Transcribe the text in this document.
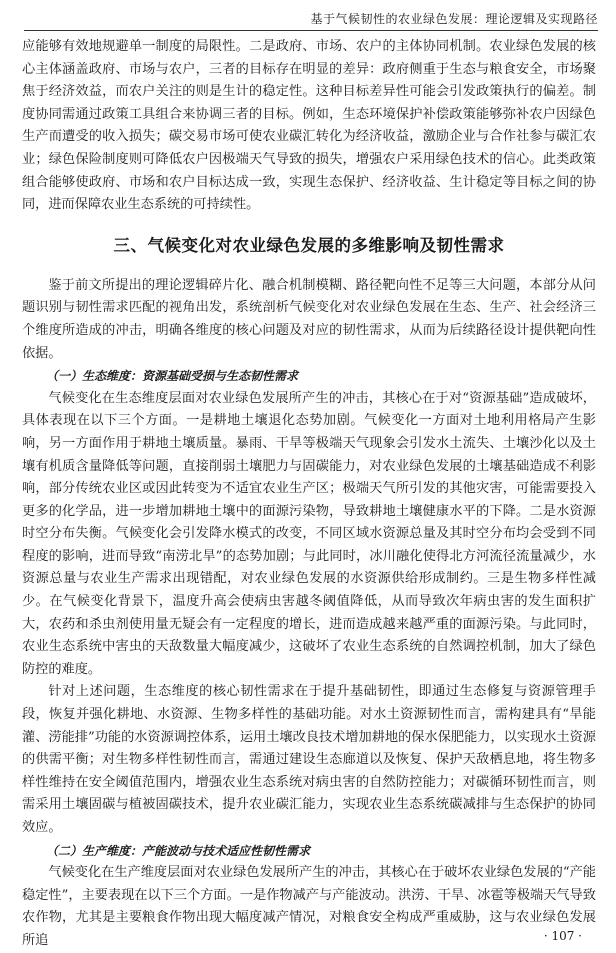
基于气候韧性的农业绿色发展：理论逻辑及实现路径

应能够有效地规避单一制度的局限性。二是政府、市场、农户的主体协同机制。农业绿色发展的核心主体涵盖政府、市场与农户，三者的目标存在明显的差异：政府侧重于生态与粮食安全，市场聚焦于经济效益，而农户关注的则是生计的稳定性。这种目标差异性可能会引发政策执行的偏差。制度协同需通过政策工具组合来协调三者的目标。例如，生态环境保护补偿政策能够弥补农户因绿色生产而遭受的收入损失；碳交易市场可使农业碳汇转化为经济收益，激励企业与合作社参与碳汇农业；绿色保险制度则可降低农户因极端天气导致的损失，增强农户采用绿色技术的信心。此类政策组合能够使政府、市场和农户目标达成一致，实现生态保护、经济收益、生计稳定等目标之间的协同，进而保障农业生态系统的可持续性。

三、气候变化对农业绿色发展的多维影响及韧性需求

鉴于前文所提出的理论逻辑碎片化、融合机制模糊、路径靶向性不足等三大问题，本部分从问题识别与韧性需求匹配的视角出发，系统剖析气候变化对农业绿色发展在生态、生产、社会经济三个维度所造成的冲击，明确各维度的核心问题及对应的韧性需求，从而为后续路径设计提供靶向性依据。

（一）生态维度：资源基础受损与生态韧性需求

气候变化在生态维度层面对农业绿色发展所产生的冲击，其核心在于对“资源基础”造成破坏，具体表现在以下三个方面。一是耕地土壤退化态势加剧。气候变化一方面对土地利用格局产生影响，另一方面作用于耕地土壤质量。暴雨、干旱等极端天气现象会引发水土流失、土壤沙化以及土壤有机质含量降低等问题，直接削弱土壤肥力与固碳能力，对农业绿色发展的土壤基础造成不利影响，部分传统农业区或因此转变为不适宜农业生产区；极端天气所引发的其他灾害，可能需要投入更多的化学品，进一步增加耕地土壤中的面源污染物，导致耕地土壤健康水平的下降。二是水资源时空分布失衡。气候变化会引发降水模式的改变，不同区域水资源总量及其时空分布均会受到不同程度的影响，进而导致“南涝北旱”的态势加剧；与此同时，冰川融化使得北方河流径流量减少，水资源总量与农业生产需求出现错配，对农业绿色发展的水资源供给形成制约。三是生物多样性减少。在气候变化背景下，温度升高会使病虫害越冬阈值降低，从而导致次年病虫害的发生面积扩大，农药和杀虫剂使用量无疑会有一定程度的增长，进而造成越来越严重的面源污染。与此同时，农业生态系统中害虫的天敌数量大幅度减少，这破坏了农业生态系统的自然调控机制，加大了绿色防控的难度。

针对上述问题，生态维度的核心韧性需求在于提升基础韧性，即通过生态修复与资源管理手段，恢复并强化耕地、水资源、生物多样性的基础功能。对水土资源韧性而言，需构建具有“旱能灌、涝能排”功能的水资源调控体系，运用土壤改良技术增加耕地的保水保肥能力，以实现水土资源的供需平衡；对生物多样性韧性而言，需通过建设生态廊道以及恢复、保护天敌栖息地，将生物多样性维持在安全阈值范围内，增强农业生态系统对病虫害的自然防控能力；对碳循环韧性而言，则需采用土壤固碳与植被固碳技术，提升农业碳汇能力，实现农业生态系统碳减排与生态保护的协同效应。

（二）生产维度：产能波动与技术适应性韧性需求

气候变化在生产维度层面对农业绿色发展所产生的冲击，其核心在于破坏农业绿色发展的“产能稳定性”，主要表现在以下三个方面。一是作物减产与产能波动。洪涝、干旱、冰雹等极端天气导致农作物，尤其是主要粮食作物出现大幅度减产情况，对粮食安全构成严重威胁，这与农业绿色发展所追	· 107 ·
